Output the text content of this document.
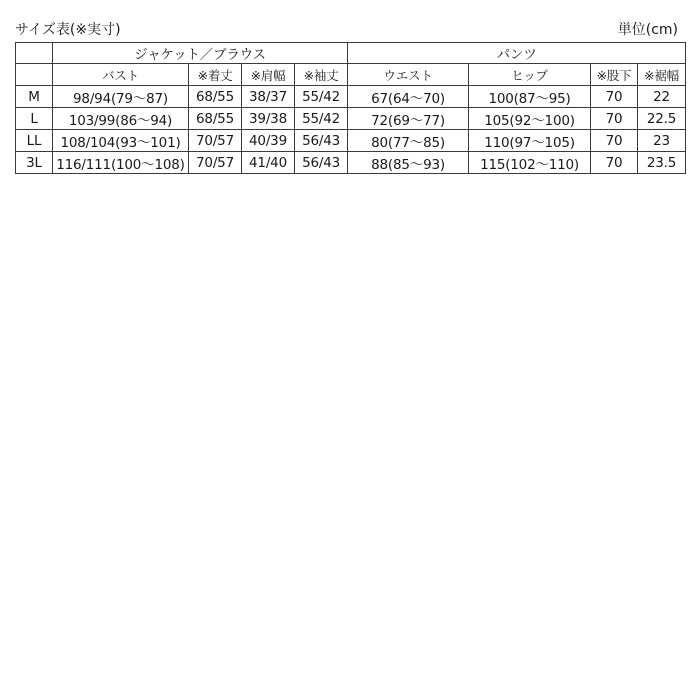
サイズ表(※実寸)	単位(cm)
	ジャケット／ブラウス				パンツ			
	バスト	※着丈	※肩幅	※袖丈	ウエスト	ヒップ	※股下	※裾幅
M	98/94(79〜87)	68/55	38/37	55/42	67(64〜70)	100(87〜95)	70	22
L	103/99(86〜94)	68/55	39/38	55/42	72(69〜77)	105(92〜100)	70	22.5
LL	108/104(93〜101)	70/57	40/39	56/43	80(77〜85)	110(97〜105)	70	23
3L	116/111(100〜108)	70/57	41/40	56/43	88(85〜93)	115(102〜110)	70	23.5
